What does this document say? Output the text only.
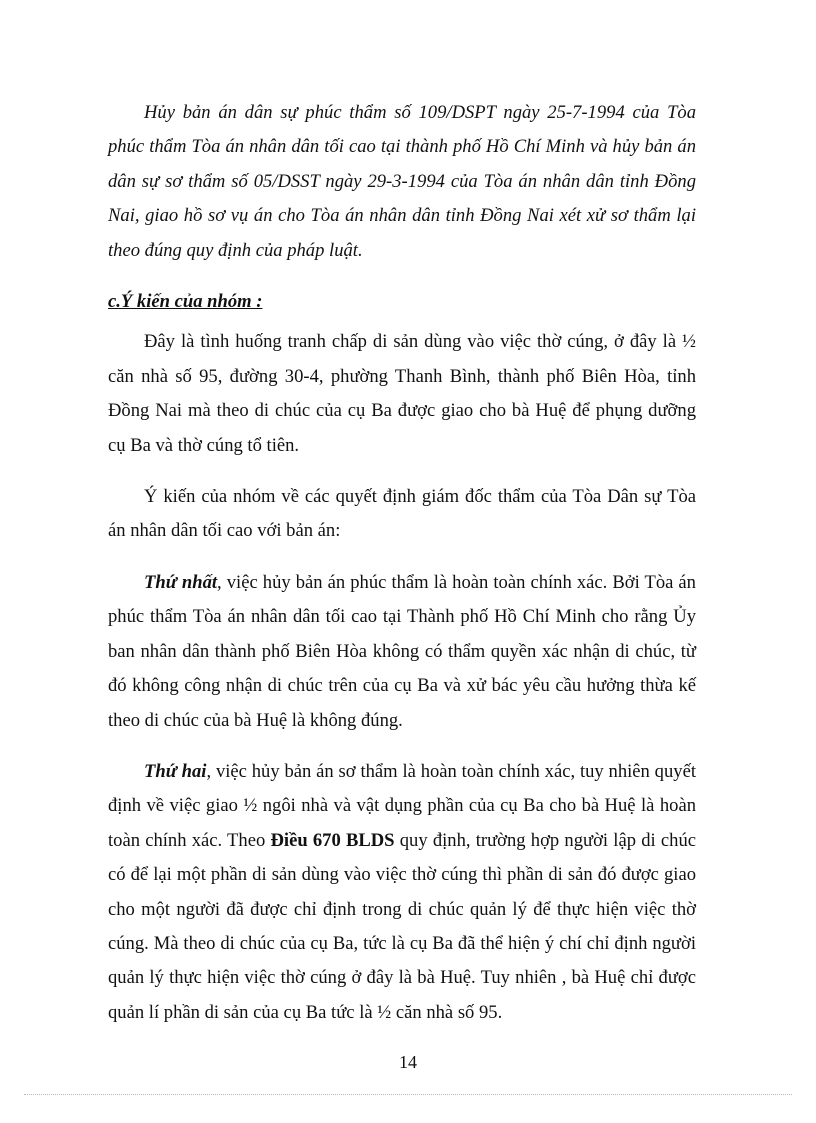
Hủy bản án dân sự phúc thẩm số 109/DSPT ngày 25-7-1994 của Tòa phúc thẩm Tòa án nhân dân tối cao tại thành phố Hồ Chí Minh và hủy bản án dân sự sơ thẩm số 05/DSST ngày 29-3-1994 của Tòa án nhân dân tỉnh Đồng Nai, giao hồ sơ vụ án cho Tòa án nhân dân tỉnh Đồng Nai xét xử sơ thẩm lại theo đúng quy định của pháp luật.

c.Ý kiến của nhóm :

Đây là tình huống tranh chấp di sản dùng vào việc thờ cúng, ở đây là ½ căn nhà số 95, đường 30-4, phường Thanh Bình, thành phố Biên Hòa, tỉnh Đồng Nai mà theo di chúc của cụ Ba được giao cho bà Huệ để phụng dưỡng cụ Ba và thờ cúng tổ tiên.

Ý kiến của nhóm về các quyết định giám đốc thẩm của Tòa Dân sự Tòa án nhân dân tối cao với bản án:

Thứ nhất, việc hủy bản án phúc thẩm là hoàn toàn chính xác. Bởi Tòa án phúc thẩm Tòa án nhân dân tối cao tại Thành phố Hồ Chí Minh cho rằng Ủy ban nhân dân thành phố Biên Hòa không có thẩm quyền xác nhận di chúc, từ đó không công nhận di chúc trên của cụ Ba và xử bác yêu cầu hưởng thừa kế theo di chúc của bà Huệ là không đúng.

Thứ hai, việc hủy bản án sơ thẩm là hoàn toàn chính xác, tuy nhiên quyết định về việc giao ½ ngôi nhà và vật dụng phần của cụ Ba cho bà Huệ là hoàn toàn chính xác. Theo Điều 670 BLDS quy định, trường hợp người lập di chúc có để lại một phần di sản dùng vào việc thờ cúng thì phần di sản đó được giao cho một người đã được chỉ định trong di chúc quản lý để thực hiện việc thờ cúng. Mà theo di chúc của cụ Ba, tức là cụ Ba đã thể hiện ý chí chỉ định người quản lý thực hiện việc thờ cúng ở đây là bà Huệ. Tuy nhiên , bà Huệ chỉ được quản lí phần di sản của cụ Ba tức là ½ căn nhà số 95.

14
